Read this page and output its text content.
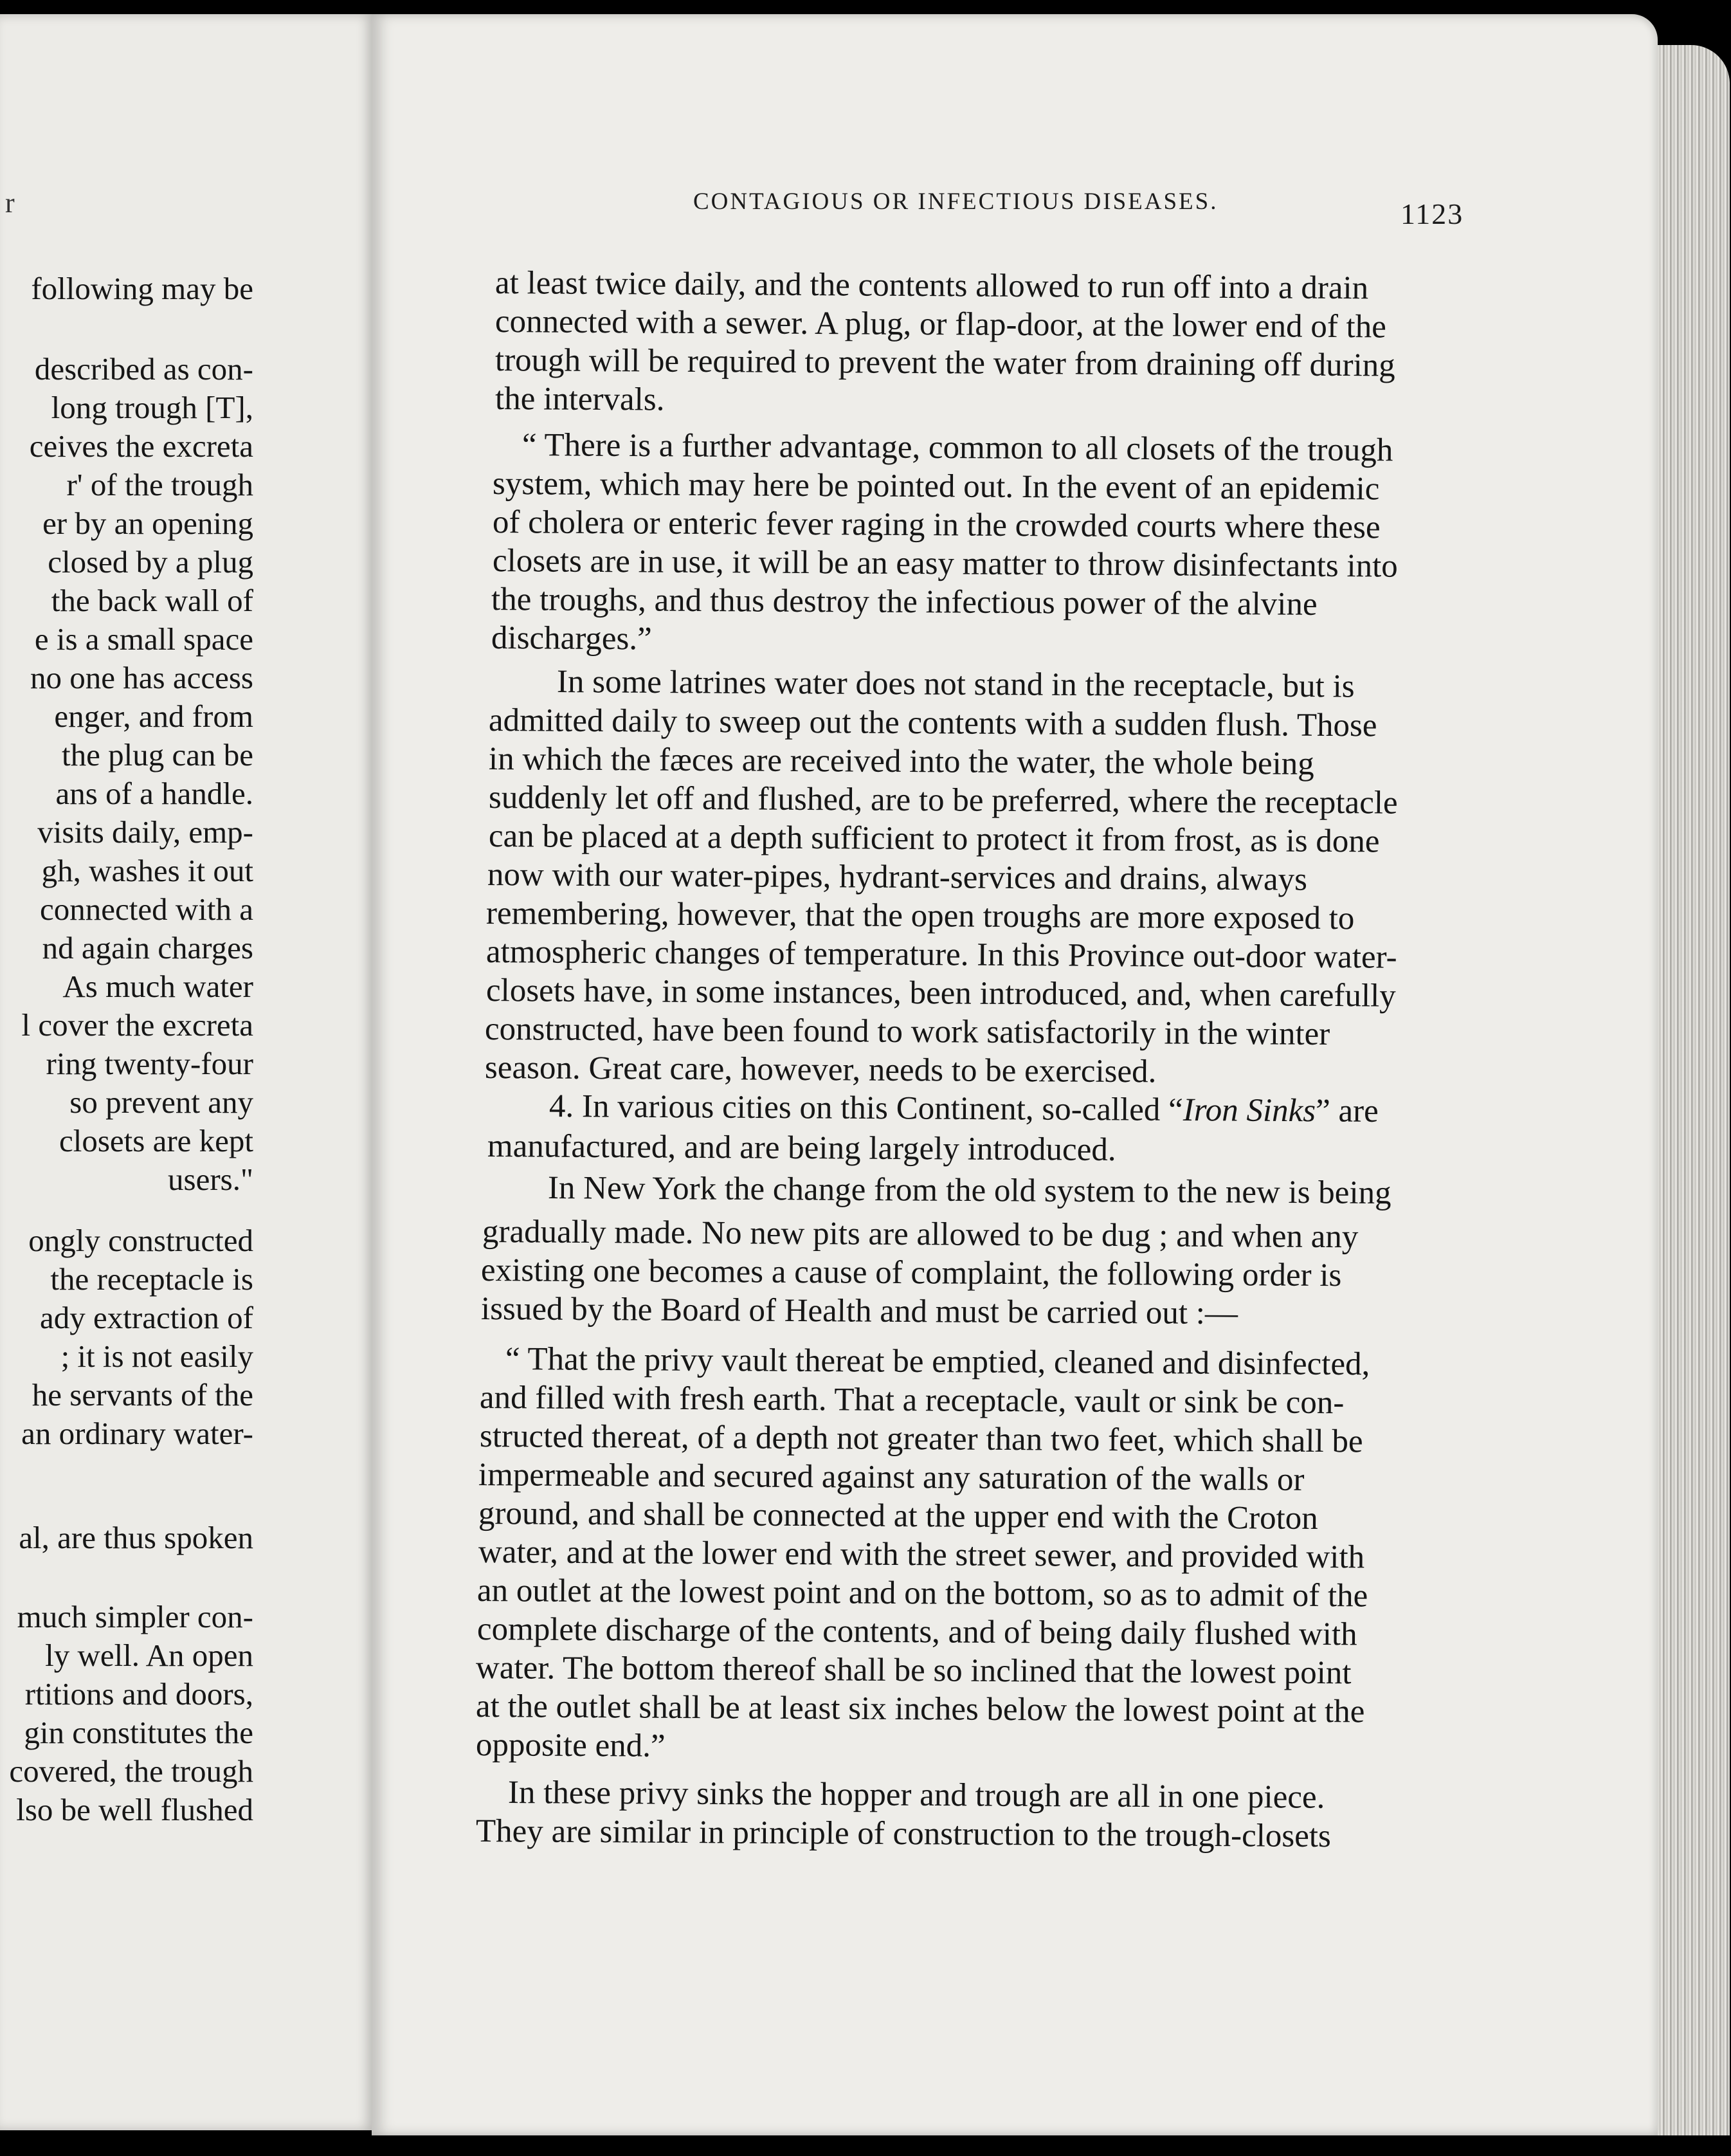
r
following may be
described as con-
long trough [T],
ceives the excreta
r' of the trough
er by an opening
closed by a plug
the back wall of
e is a small space
no one has access
enger, and from
the plug can be
ans of a handle.
visits daily, emp-
gh, washes it out
connected with a
nd again charges
As much water
l cover the excreta
ring twenty-four
so prevent any
closets are kept
users."
ongly constructed
the receptacle is
ady extraction of
; it is not easily
he servants of the
an ordinary water-
al, are thus spoken
much simpler con-
ly well. An open
rtitions and doors,
gin constitutes the
covered, the trough
lso be well flushed
CONTAGIOUS OR INFECTIOUS DISEASES.	1123
at least twice daily, and the contents allowed to run off into a drain
connected with a sewer. A plug, or flap-door, at the lower end of the
trough will be required to prevent the water from draining off during
the intervals.
“ There is a further advantage, common to all closets of the trough
system, which may here be pointed out. In the event of an epidemic
of cholera or enteric fever raging in the crowded courts where these
closets are in use, it will be an easy matter to throw disinfectants into
the troughs, and thus destroy the infectious power of the alvine
discharges.”
In some latrines water does not stand in the receptacle, but is
admitted daily to sweep out the contents with a sudden flush. Those
in which the fæces are received into the water, the whole being
suddenly let off and flushed, are to be preferred, where the receptacle
can be placed at a depth sufficient to protect it from frost, as is done
now with our water-pipes, hydrant-services and drains, always
remembering, however, that the open troughs are more exposed to
atmospheric changes of temperature. In this Province out-door water-
closets have, in some instances, been introduced, and, when carefully
constructed, have been found to work satisfactorily in the winter
season. Great care, however, needs to be exercised.
manufactured, and are being largely introduced.
In New York the change from the old system to the new is being
gradually made. No new pits are allowed to be dug ; and when any
existing one becomes a cause of complaint, the following order is
issued by the Board of Health and must be carried out :—
“ That the privy vault thereat be emptied, cleaned and disinfected,
and filled with fresh earth. That a receptacle, vault or sink be con-
structed thereat, of a depth not greater than two feet, which shall be
impermeable and secured against any saturation of the walls or
ground, and shall be connected at the upper end with the Croton
water, and at the lower end with the street sewer, and provided with
an outlet at the lowest point and on the bottom, so as to admit of the
complete discharge of the contents, and of being daily flushed with
water. The bottom thereof shall be so inclined that the lowest point
at the outlet shall be at least six inches below the lowest point at the
opposite end.”
In these privy sinks the hopper and trough are all in one piece.
They are similar in principle of construction to the trough-closets
4. In various cities on this Continent, so-called “Iron Sinks” are
